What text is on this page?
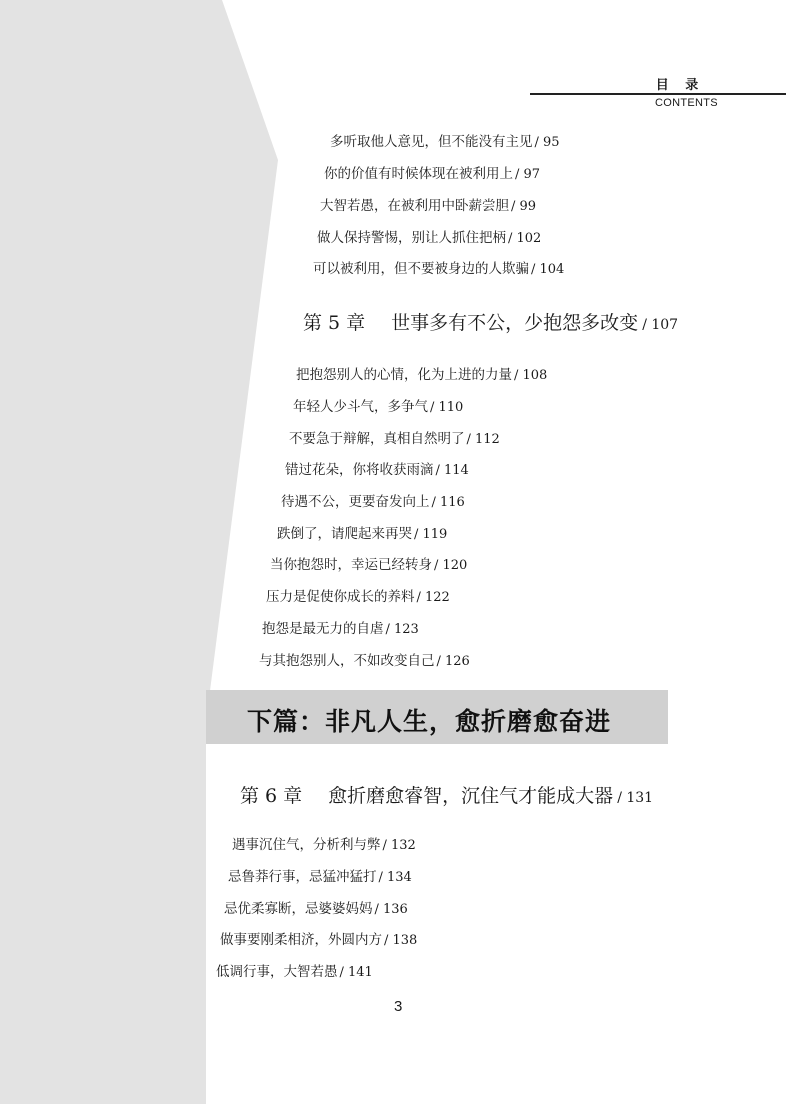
目 录
CONTENTS
多听取他人意见，但不能没有主见 / 95
你的价值有时候体现在被利用上 / 97
大智若愚，在被利用中卧薪尝胆 / 99
做人保持警惕，别让人抓住把柄 / 102
可以被利用，但不要被身边的人欺骗 / 104
第 5 章 世事多有不公，少抱怨多改变 / 107
把抱怨别人的心情，化为上进的力量 / 108
年轻人少斗气，多争气 / 110
不要急于辩解，真相自然明了 / 112
错过花朵，你将收获雨滴 / 114
待遇不公，更要奋发向上 / 116
跌倒了，请爬起来再哭 / 119
当你抱怨时，幸运已经转身 / 120
压力是促使你成长的养料 / 122
抱怨是最无力的自虐 / 123
与其抱怨别人，不如改变自己 / 126
下篇：非凡人生，愈折磨愈奋进
第 6 章 愈折磨愈睿智，沉住气才能成大器 / 131
遇事沉住气，分析利与弊 / 132
忌鲁莽行事，忌猛冲猛打 / 134
忌优柔寡断，忌婆婆妈妈 / 136
做事要刚柔相济，外圆内方 / 138
低调行事，大智若愚 / 141
3
